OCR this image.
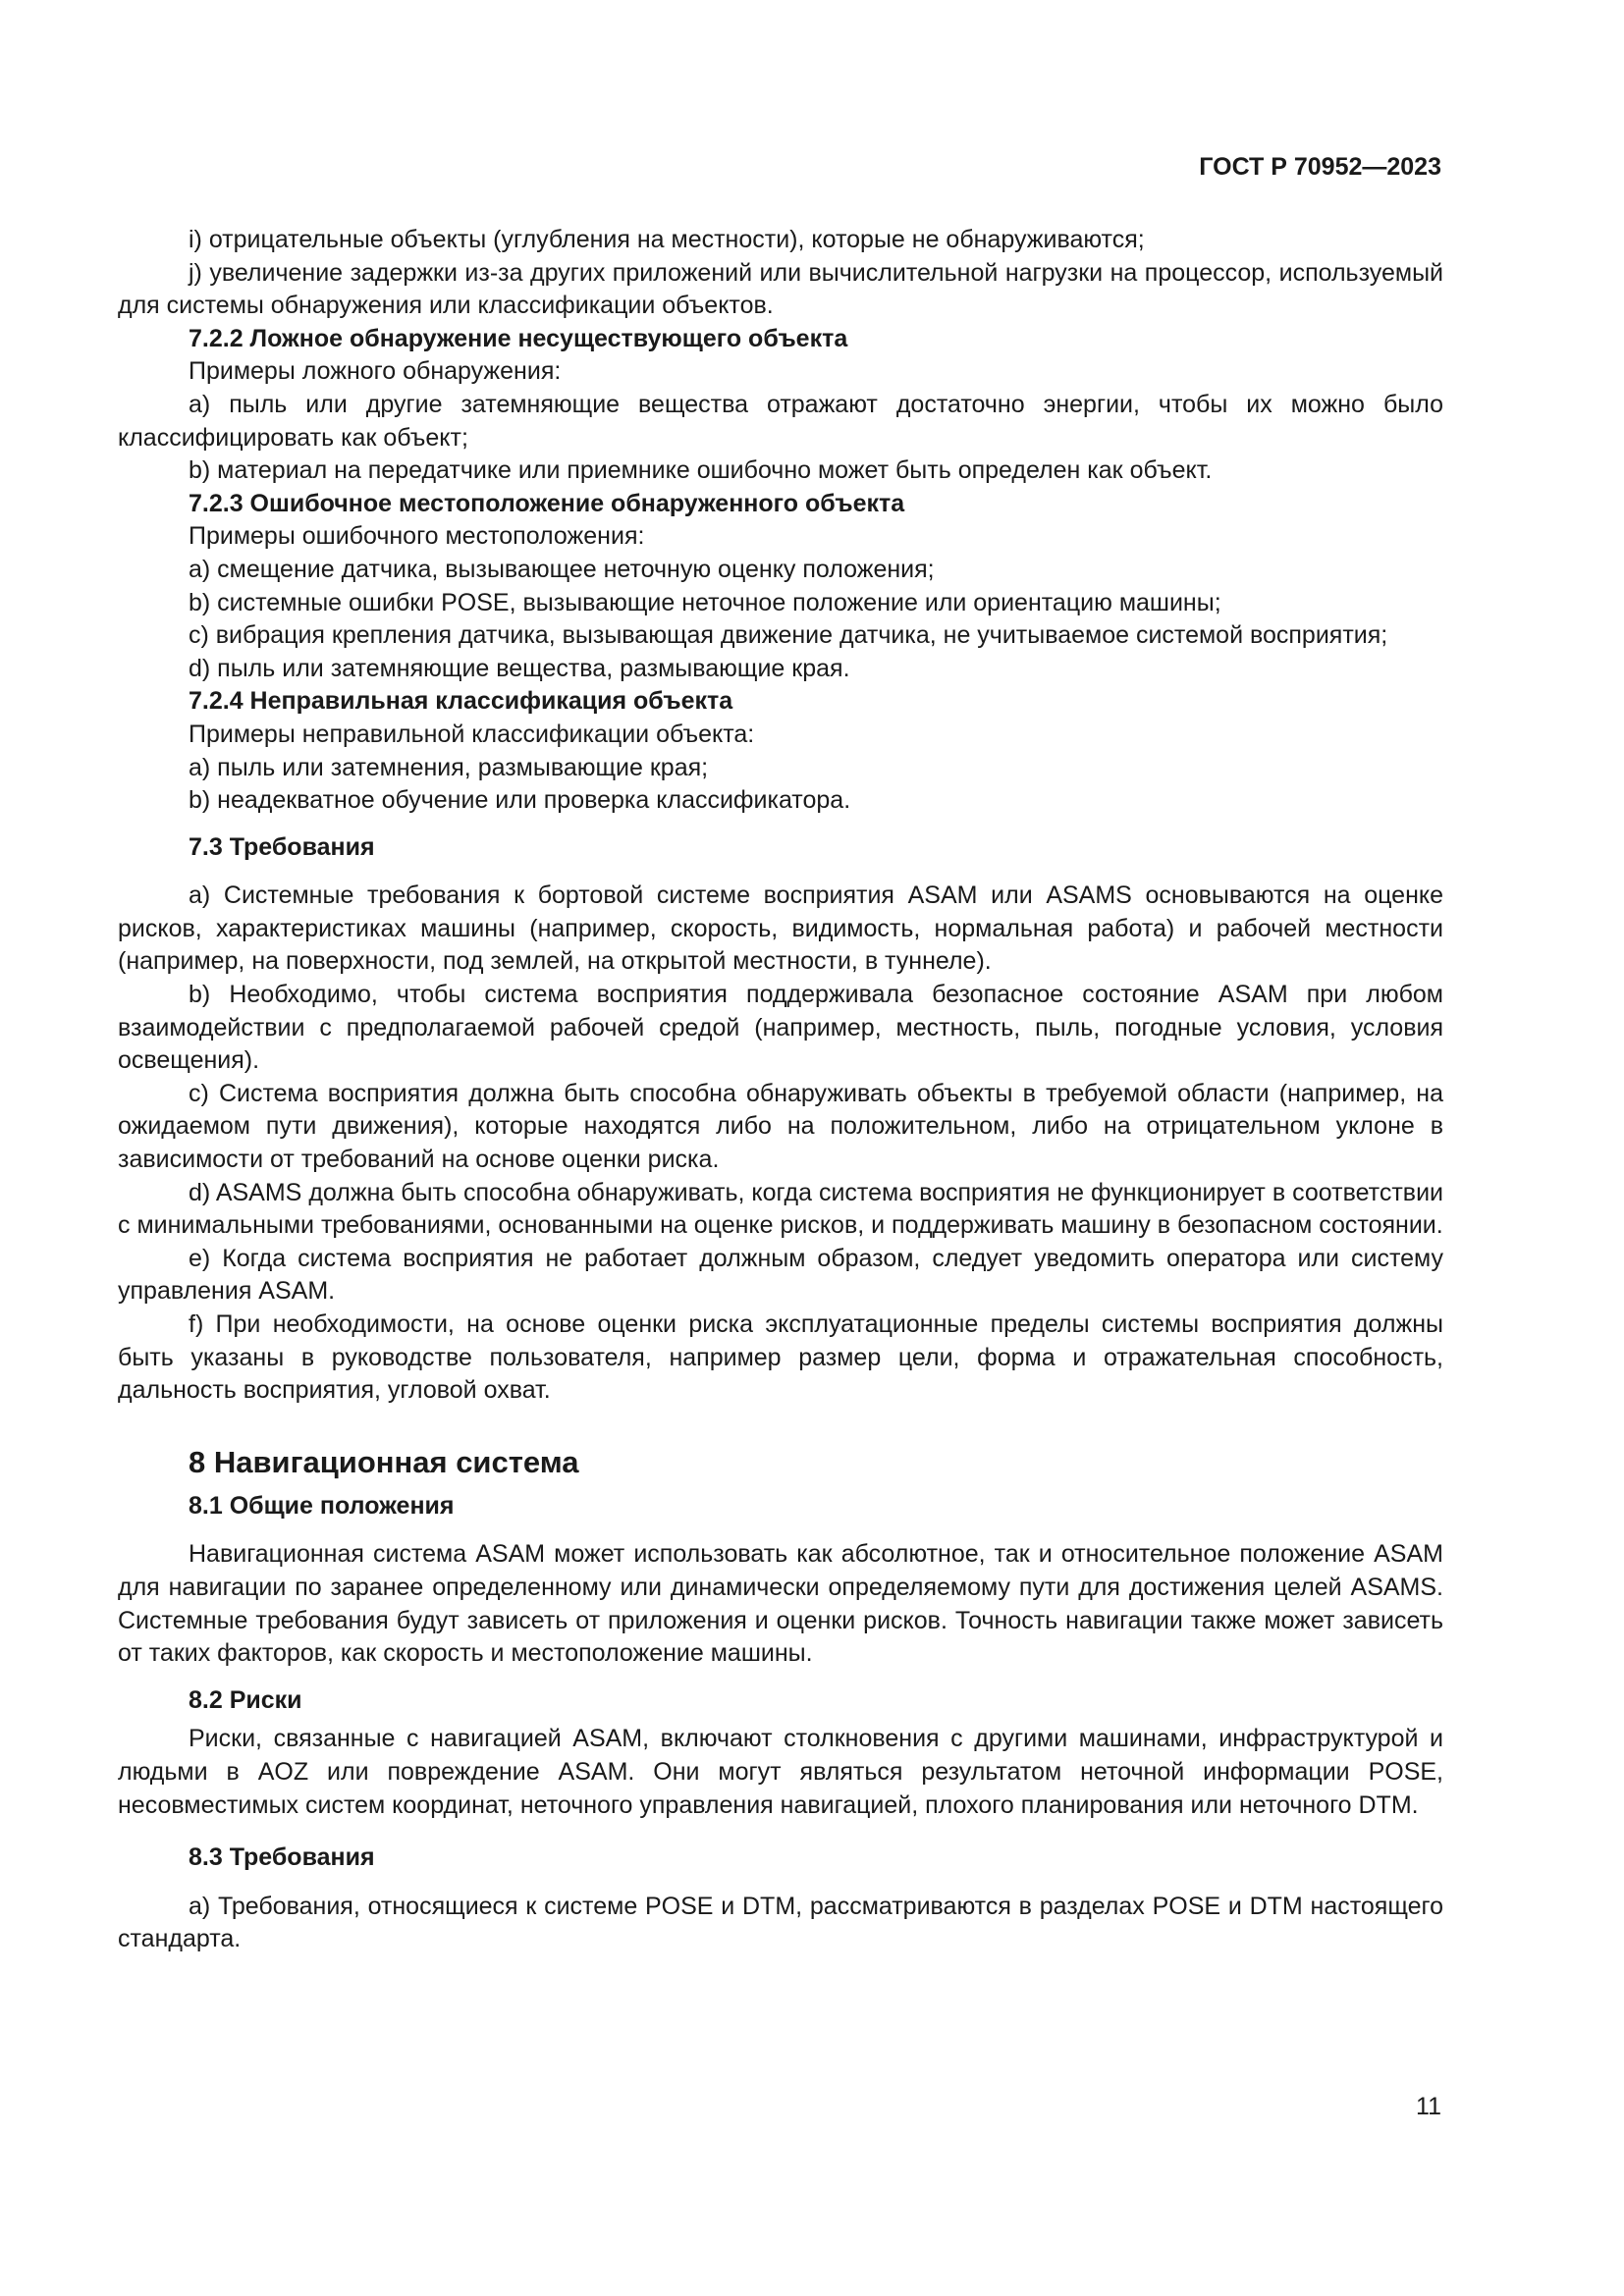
ГОСТ Р 70952—2023

i) отрицательные объекты (углубления на местности), которые не обнаруживаются;

j) увеличение задержки из-за других приложений или вычислительной нагрузки на процессор, используемый для системы обнаружения или классификации объектов.

7.2.2 Ложное обнаружение несуществующего объекта

Примеры ложного обнаружения:

а) пыль или другие затемняющие вещества отражают достаточно энергии, чтобы их можно было классифицировать как объект;

b) материал на передатчике или приемнике ошибочно может быть определен как объект.

7.2.3 Ошибочное местоположение обнаруженного объекта

Примеры ошибочного местоположения:

а) смещение датчика, вызывающее неточную оценку положения;

b) системные ошибки POSE, вызывающие неточное положение или ориентацию машины;

с) вибрация крепления датчика, вызывающая движение датчика, не учитываемое системой восприятия;

d) пыль или затемняющие вещества, размывающие края.

7.2.4 Неправильная классификация объекта

Примеры неправильной классификации объекта:

а) пыль или затемнения, размывающие края;

b) неадекватное обучение или проверка классификатора.

7.3 Требования

а) Системные требования к бортовой системе восприятия ASAM или ASAMS основываются на оценке рисков, характеристиках машины (например, скорость, видимость, нормальная работа) и рабочей местности (например, на поверхности, под землей, на открытой местности, в туннеле).

b) Необходимо, чтобы система восприятия поддерживала безопасное состояние ASAM при любом взаимодействии с предполагаемой рабочей средой (например, местность, пыль, погодные условия, условия освещения).

с) Система восприятия должна быть способна обнаруживать объекты в требуемой области (например, на ожидаемом пути движения), которые находятся либо на положительном, либо на отрицательном уклоне в зависимости от требований на основе оценки риска.

d) ASAMS должна быть способна обнаруживать, когда система восприятия не функционирует в соответствии с минимальными требованиями, основанными на оценке рисков, и поддерживать машину в безопасном состоянии.

е) Когда система восприятия не работает должным образом, следует уведомить оператора или систему управления ASAM.

f) При необходимости, на основе оценки риска эксплуатационные пределы системы восприятия должны быть указаны в руководстве пользователя, например размер цели, форма и отражательная способность, дальность восприятия, угловой охват.

8 Навигационная система
8.1 Общие положения

Навигационная система ASAM может использовать как абсолютное, так и относительное положение ASAM для навигации по заранее определенному или динамически определяемому пути для достижения целей ASAMS. Системные требования будут зависеть от приложения и оценки рисков. Точность навигации также может зависеть от таких факторов, как скорость и местоположение машины.

8.2 Риски

Риски, связанные с навигацией ASAM, включают столкновения с другими машинами, инфраструктурой и людьми в AOZ или повреждение ASAM. Они могут являться результатом неточной информации POSE, несовместимых систем координат, неточного управления навигацией, плохого планирования или неточного DTM.

8.3 Требования

а) Требования, относящиеся к системе POSE и DTM, рассматриваются в разделах POSE и DTM настоящего стандарта.

11
